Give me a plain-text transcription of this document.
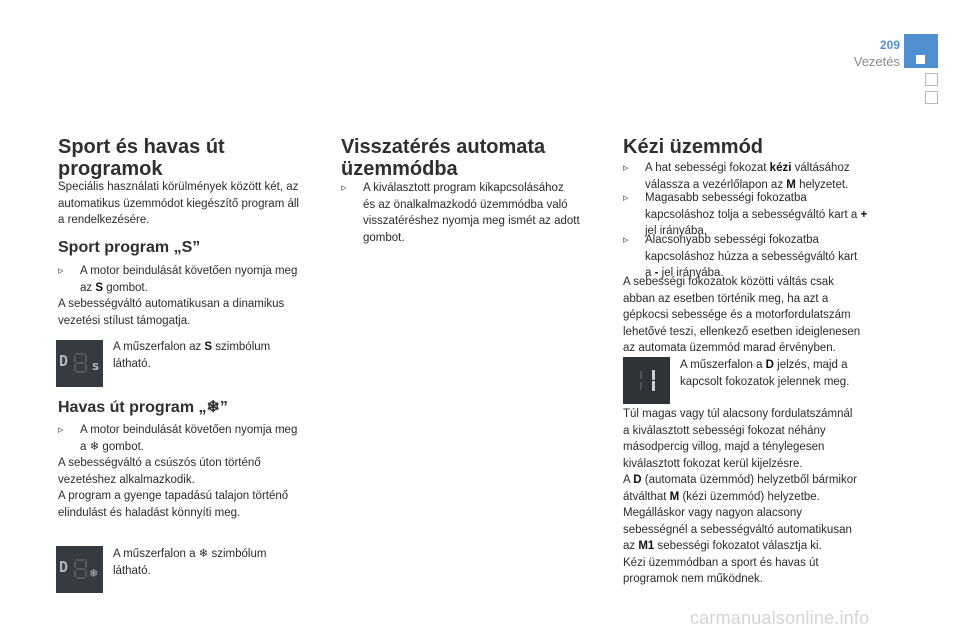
209
Vezetés
Sport és havas út
programok
Speciális használati körülmények között két, az
automatikus üzemmódot kiegészítő program áll
a rendelkezésére.
Sport program „S”
▹ A motor beindulását követően nyomja meg
az S gombot.
A sebességváltó automatikusan a dinamikus
vezetési stílust támogatja.
D S
A műszerfalon az S szimbólum
látható.
Havas út program „❄”
▹ A motor beindulását követően nyomja meg
a ❄ gombot.
A sebességváltó a csúszós úton történő
vezetéshez alkalmazkodik.
A program a gyenge tapadású talajon történő
elindulást és haladást könnyíti meg.
D ❄
A műszerfalon a ❄ szimbólum
látható.
Visszatérés automata
üzemmódba
▹ A kiválasztott program kikapcsolásához
és az önalkalmazkodó üzemmódba való
visszatéréshez nyomja meg ismét az adott
gombot.
Kézi üzemmód
▹ A hat sebességi fokozat kézi váltásához
válassza a vezérlőlapon az M helyzetet.
▹ Magasabb sebességi fokozatba
kapcsoláshoz tolja a sebességváltó kart a +
jel irányába.
▹ Alacsonyabb sebességi fokozatba
kapcsoláshoz húzza a sebességváltó kart
a - jel irányába.
A sebességi fokozatok közötti váltás csak
abban az esetben történik meg, ha azt a
gépkocsi sebessége és a motorfordulatszám
lehetővé teszi, ellenkező esetben ideiglenesen
az automata üzemmód marad érvényben.
A műszerfalon a D jelzés, majd a
kapcsolt fokozatok jelennek meg.
Túl magas vagy túl alacsony fordulatszámnál
a kiválasztott sebességi fokozat néhány
másodpercig villog, majd a ténylegesen
kiválasztott fokozat kerül kijelzésre.
A D (automata üzemmód) helyzetből bármikor
átválthat M (kézi üzemmód) helyzetbe.
Megálláskor vagy nagyon alacsony
sebességnél a sebességváltó automatikusan
az M1 sebességi fokozatot választja ki.
Kézi üzemmódban a sport és havas út
programok nem működnek.
carmanualsonline.info
